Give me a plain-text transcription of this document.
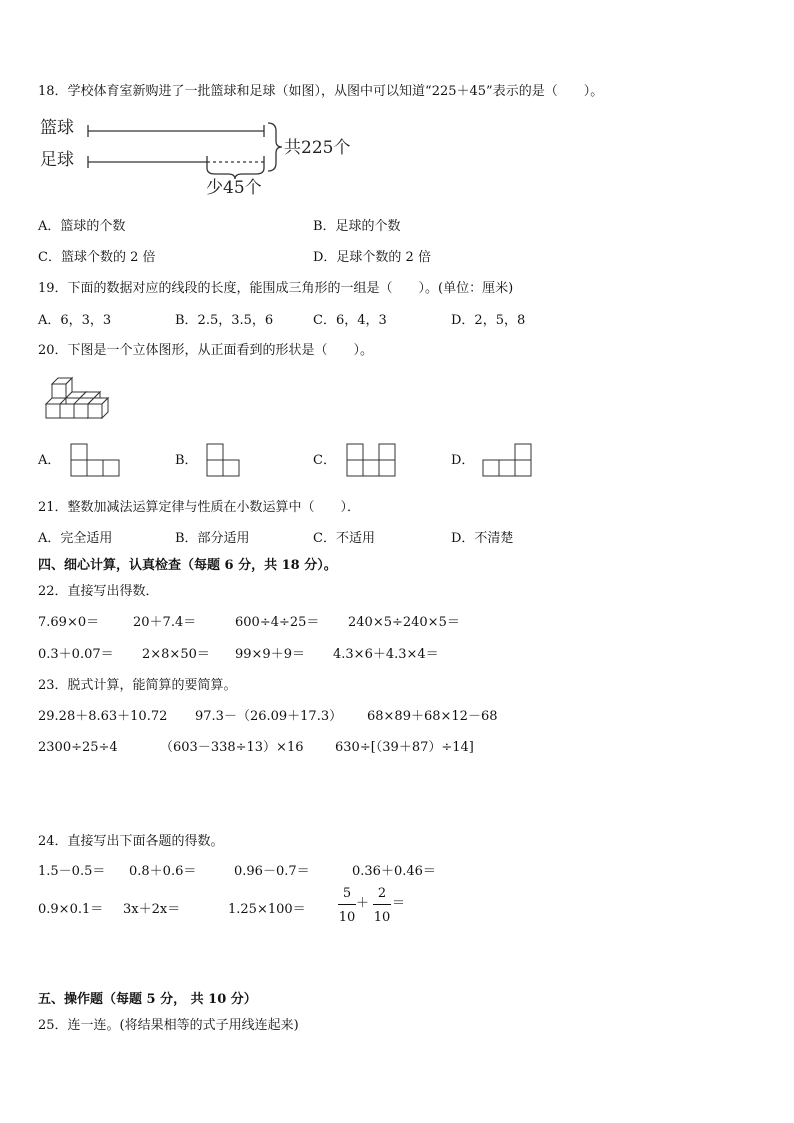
18．学校体育室新购进了一批篮球和足球（如图），从图中可以知道“225＋45”表示的是（　　）。
篮球
足球
共225个
少45个
A．篮球的个数	B．足球的个数
C．篮球个数的 2 倍	D．足球个数的 2 倍
19．下面的数据对应的线段的长度，能围成三角形的一组是（　　）。(单位：厘米)
A．6，3，3	B．2.5，3.5，6	C．6，4，3	D．2，5，8
20．下图是一个立体图形，从正面看到的形状是（　　）。
A．	B．	C．	D．
21．整数加减法运算定律与性质在小数运算中（　　）．
A．完全适用	B．部分适用	C．不适用	D．不清楚
四、细心计算，认真检查（每题 6 分，共 18 分）。
22．直接写出得数．
7.69×0＝	20＋7.4＝	600÷4÷25＝ 240×5÷240×5＝
0.3＋0.07＝ 2×8×50＝ 99×9＋9＝ 4.3×6＋4.3×4＝
23．脱式计算，能简算的要简算。
29.28＋8.63＋10.72 97.3－（26.09＋17.3） 68×89＋68×12－68
2300÷25÷4	（603－338÷13）×16 630÷[（39＋87）÷14]
24．直接写出下面各题的得数。
1.5－0.5＝ 0.8＋0.6＝	0.96－0.7＝	0.36＋0.46＝
0.9×0.1＝ 3x＋2x＝	1.25×100＝
5
10
＋
2
10
＝
五、操作题（每题 5 分， 共 10 分）
25．连一连。(将结果相等的式子用线连起来)
